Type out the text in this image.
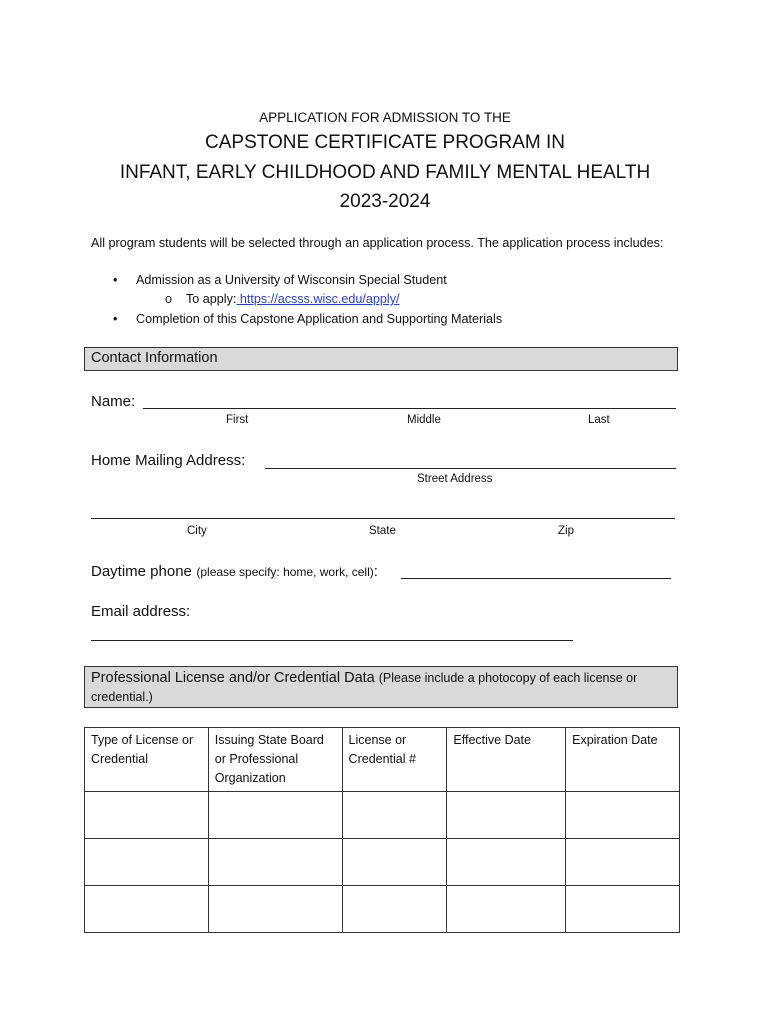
APPLICATION FOR ADMISSION TO THE
CAPSTONE CERTIFICATE PROGRAM IN
INFANT, EARLY CHILDHOOD AND FAMILY MENTAL HEALTH
2023-2024
All program students will be selected through an application process. The application process includes:
• Admission as a University of Wisconsin Special Student
o To apply: https://acsss.wisc.edu/apply/
• Completion of this Capstone Application and Supporting Materials
Contact Information
Name:
First	Middle	Last
Home Mailing Address:
Street Address
City	State	Zip
Daytime phone (please specify: home, work, cell):
Email address:
Professional License and/or Credential Data (Please include a photocopy of each license or credential.)
Type of License or Credential	Issuing State Board or Professional Organization	License or Credential #	Effective Date	Expiration Date
